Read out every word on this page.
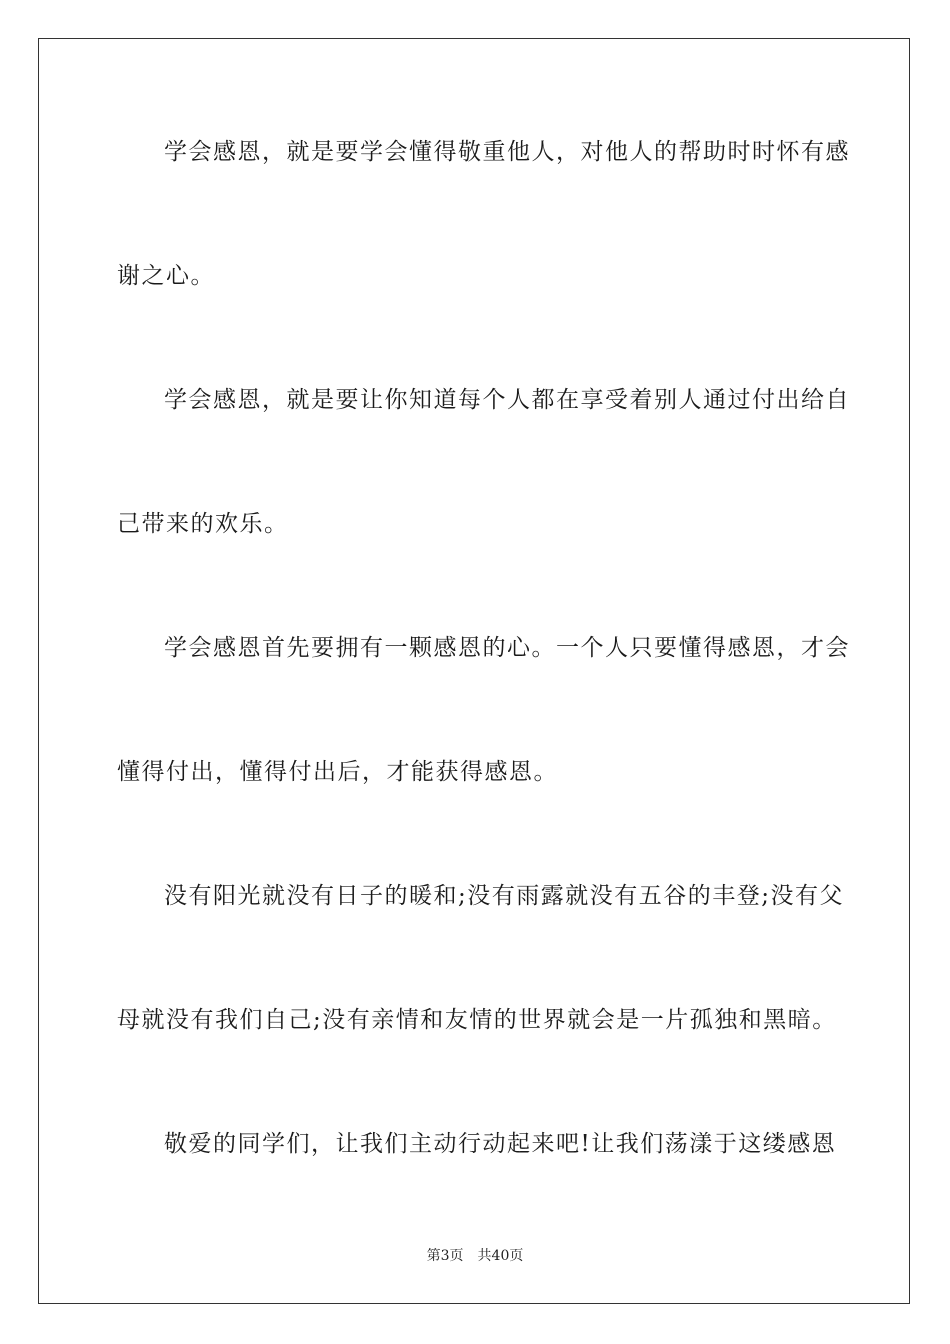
学会感恩，就是要学会懂得敬重他人，对他人的帮助时时怀有感
谢之心。
学会感恩，就是要让你知道每个人都在享受着别人通过付出给自
己带来的欢乐。
学会感恩首先要拥有一颗感恩的心。一个人只要懂得感恩，才会
懂得付出，懂得付出后，才能获得感恩。
没有阳光就没有日子的暖和;没有雨露就没有五谷的丰登;没有父
母就没有我们自己;没有亲情和友情的世界就会是一片孤独和黑暗。
敬爱的同学们，让我们主动行动起来吧!让我们荡漾于这缕感恩
第3页 共40页
